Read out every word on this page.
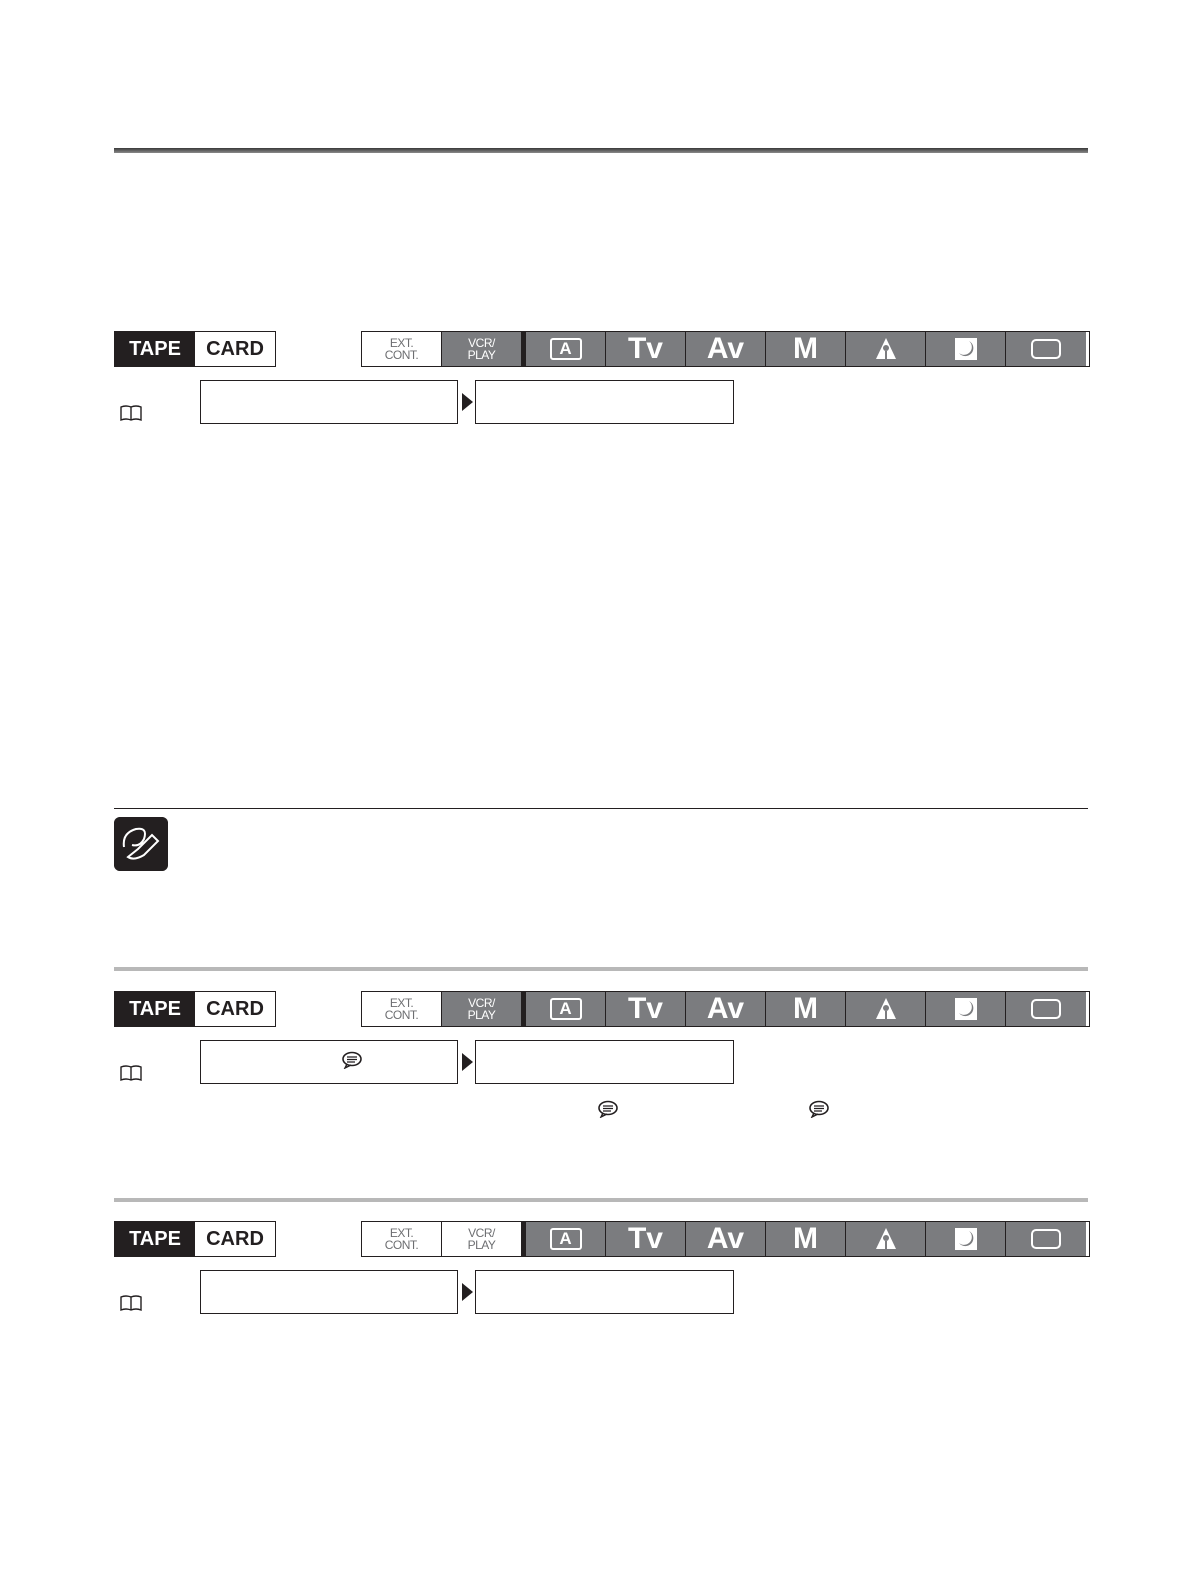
TAPE	CARD	EXT.
CONT.
VCR/
PLAY	A	Tv	Av	M
TAPE	CARD	EXT.
CONT.
VCR/
PLAY	A	Tv	Av	M
TAPE	CARD	EXT.
CONT.
VCR/
PLAY	A	Tv	Av	M
